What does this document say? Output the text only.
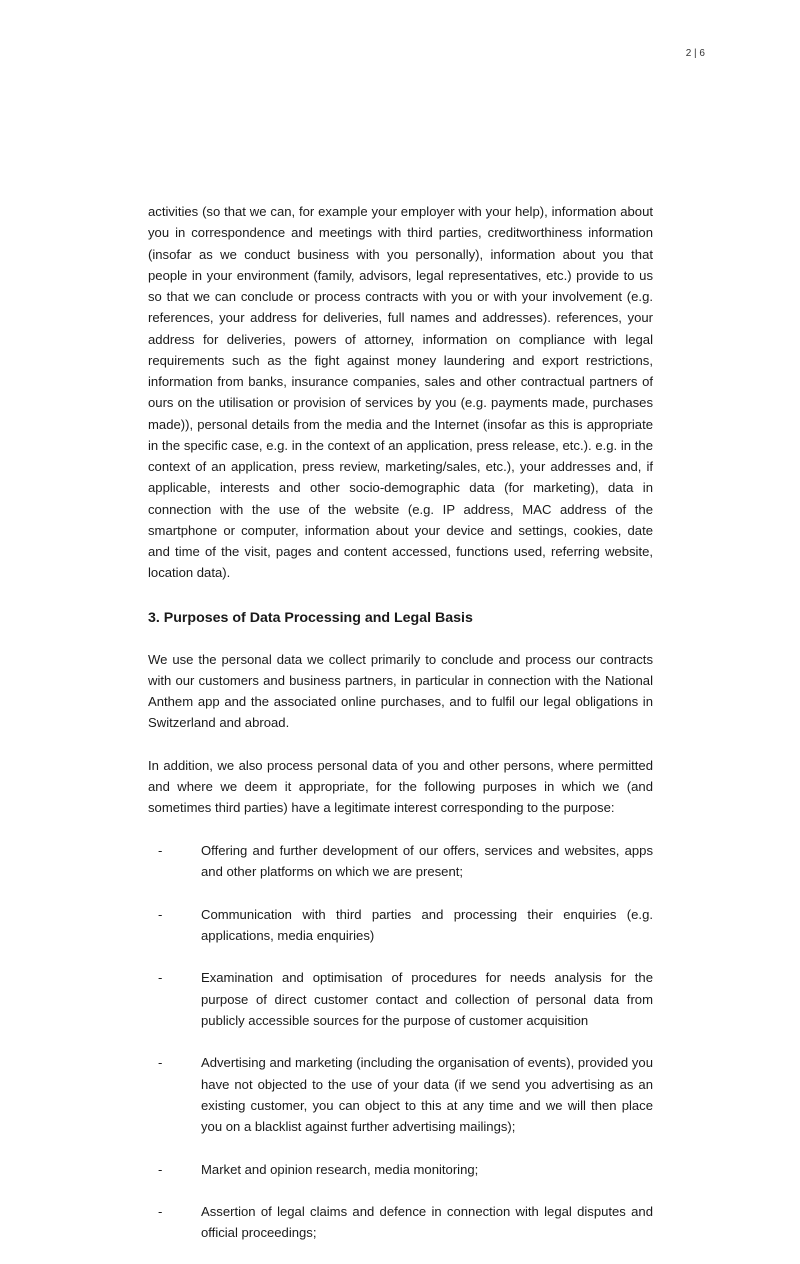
2 | 6

activities (so that we can, for example your employer with your help), information about you in correspondence and meetings with third parties, creditworthiness information (insofar as we conduct business with you personally), information about you that people in your environment (family, advisors, legal representatives, etc.) provide to us so that we can conclude or process contracts with you or with your involvement (e.g. references, your address for deliveries, full names and addresses). references, your address for deliveries, powers of attorney, information on compliance with legal requirements such as the fight against money laundering and export restrictions, information from banks, insurance companies, sales and other contractual partners of ours on the utilisation or provision of services by you (e.g. payments made, purchases made)), personal details from the media and the Internet (insofar as this is appropriate in the specific case, e.g. in the context of an application, press release, etc.). e.g. in the context of an application, press review, marketing/sales, etc.), your addresses and, if applicable, interests and other socio-demographic data (for marketing), data in connection with the use of the website (e.g. IP address, MAC address of the smartphone or computer, information about your device and settings, cookies, date and time of the visit, pages and content accessed, functions used, referring website, location data).

3. Purposes of Data Processing and Legal Basis

We use the personal data we collect primarily to conclude and process our contracts with our customers and business partners, in particular in connection with the National Anthem app and the associated online purchases, and to fulfil our legal obligations in Switzerland and abroad.

In addition, we also process personal data of you and other persons, where permitted and where we deem it appropriate, for the following purposes in which we (and sometimes third parties) have a legitimate interest corresponding to the purpose:

-	Offering and further development of our offers, services and websites, apps and other platforms on which we are present;
-	Communication with third parties and processing their enquiries (e.g. applications, media enquiries)
-	Examination and optimisation of procedures for needs analysis for the purpose of direct customer contact and collection of personal data from publicly accessible sources for the purpose of customer acquisition
-	Advertising and marketing (including the organisation of events), provided you have not objected to the use of your data (if we send you advertising as an existing customer, you can object to this at any time and we will then place you on a blacklist against further advertising mailings);
-	Market and opinion research, media monitoring;
-	Assertion of legal claims and defence in connection with legal disputes and official proceedings;
